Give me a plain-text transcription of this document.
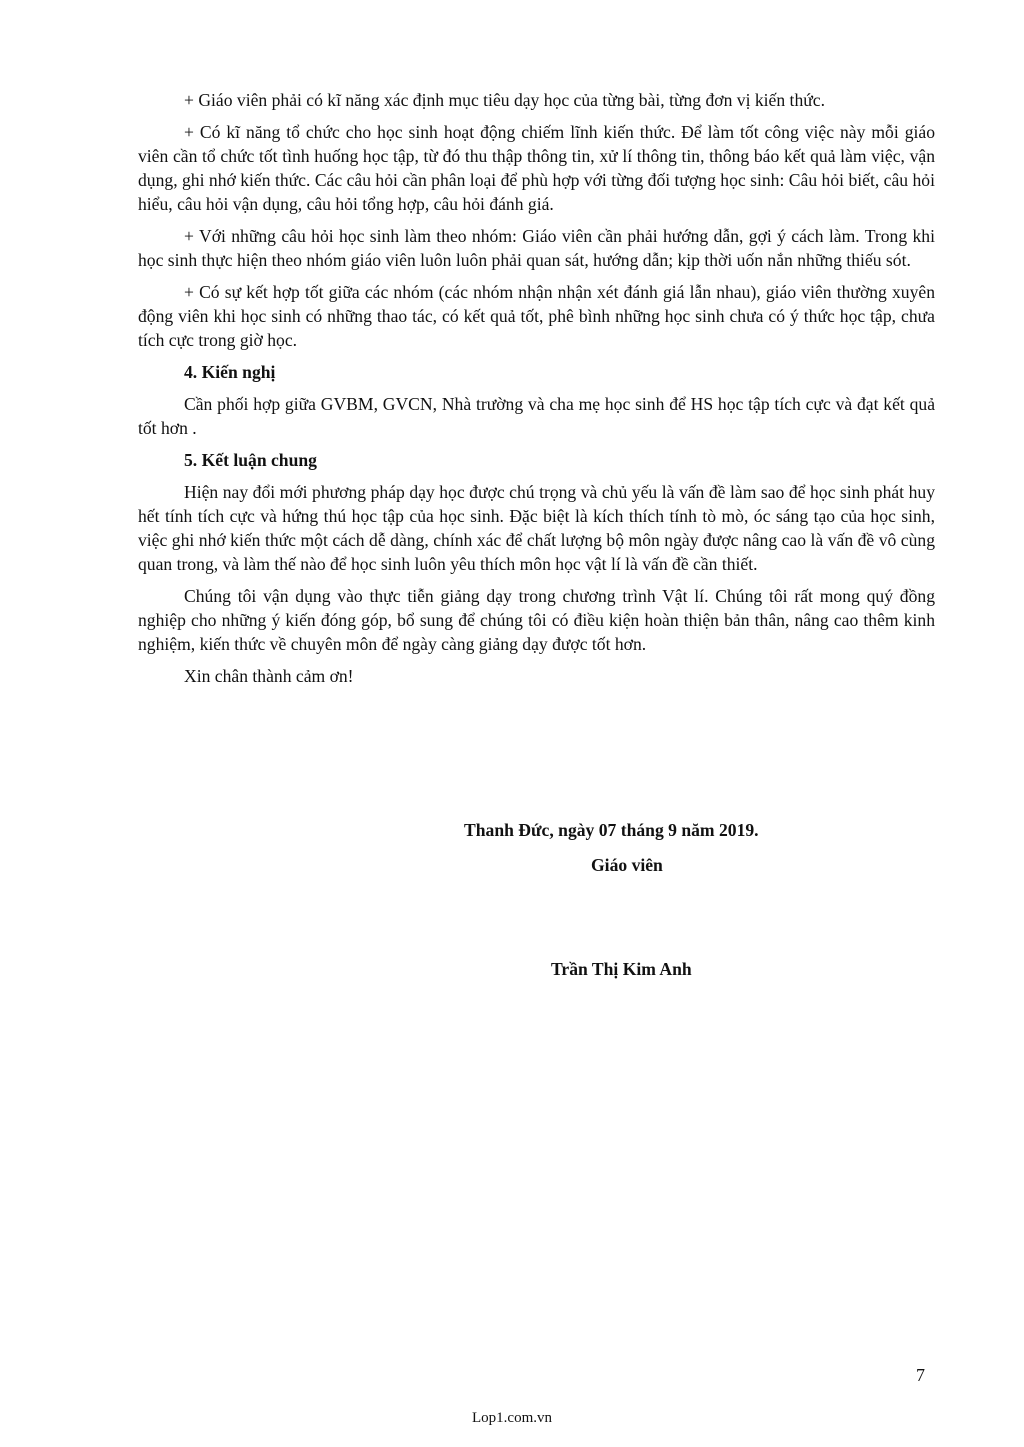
+ Giáo viên phải có kĩ năng xác định mục tiêu dạy học của từng bài, từng đơn vị kiến thức.

+ Có kĩ năng tổ chức cho học sinh hoạt động chiếm lĩnh kiến thức. Để làm tốt công việc này mỗi giáo viên cần tổ chức tốt tình huống học tập, từ đó thu thập thông tin, xử lí thông tin, thông báo kết quả làm việc, vận dụng, ghi nhớ kiến thức. Các câu hỏi cần phân loại để phù hợp với từng đối tượng học sinh: Câu hỏi biết, câu hỏi hiểu, câu hỏi vận dụng, câu hỏi tổng hợp, câu hỏi đánh giá.

+ Với những câu hỏi học sinh làm theo nhóm: Giáo viên cần phải hướng dẫn, gợi ý cách làm. Trong khi học sinh thực hiện theo nhóm giáo viên luôn luôn phải quan sát, hướng dẫn; kịp thời uốn nắn những thiếu sót.

+ Có sự kết hợp tốt giữa các nhóm (các nhóm nhận nhận xét đánh giá lẫn nhau), giáo viên thường xuyên động viên khi học sinh có những thao tác, có kết quả tốt, phê bình những học sinh chưa có ý thức học tập, chưa tích cực trong giờ học.

4. Kiến nghị

Cần phối hợp giữa GVBM, GVCN, Nhà trường và cha mẹ học sinh để HS học tập tích cực và đạt kết quả tốt hơn .

5. Kết luận chung

Hiện nay đổi mới phương pháp dạy học được chú trọng và chủ yếu là vấn đề làm sao để học sinh phát huy hết tính tích cực và hứng thú học tập của học sinh. Đặc biệt là kích thích tính tò mò, óc sáng tạo của học sinh, việc ghi nhớ kiến thức một cách dễ dàng, chính xác để chất lượng bộ môn ngày được nâng cao là vấn đề vô cùng quan trong, và làm thế nào để học sinh luôn yêu thích môn học vật lí là vấn đề cần thiết.

Chúng tôi vận dụng vào thực tiễn giảng dạy trong chương trình Vật lí. Chúng tôi rất mong quý đồng nghiệp cho những ý kiến đóng góp, bổ sung để chúng tôi có điều kiện hoàn thiện bản thân, nâng cao thêm kinh nghiệm, kiến thức về chuyên môn để ngày càng giảng dạy được tốt hơn.

Xin chân thành cảm ơn!

Thanh Đức, ngày 07 tháng 9 năm 2019.
Giáo viên
Trần Thị Kim Anh
7
Lop1.com.vn
